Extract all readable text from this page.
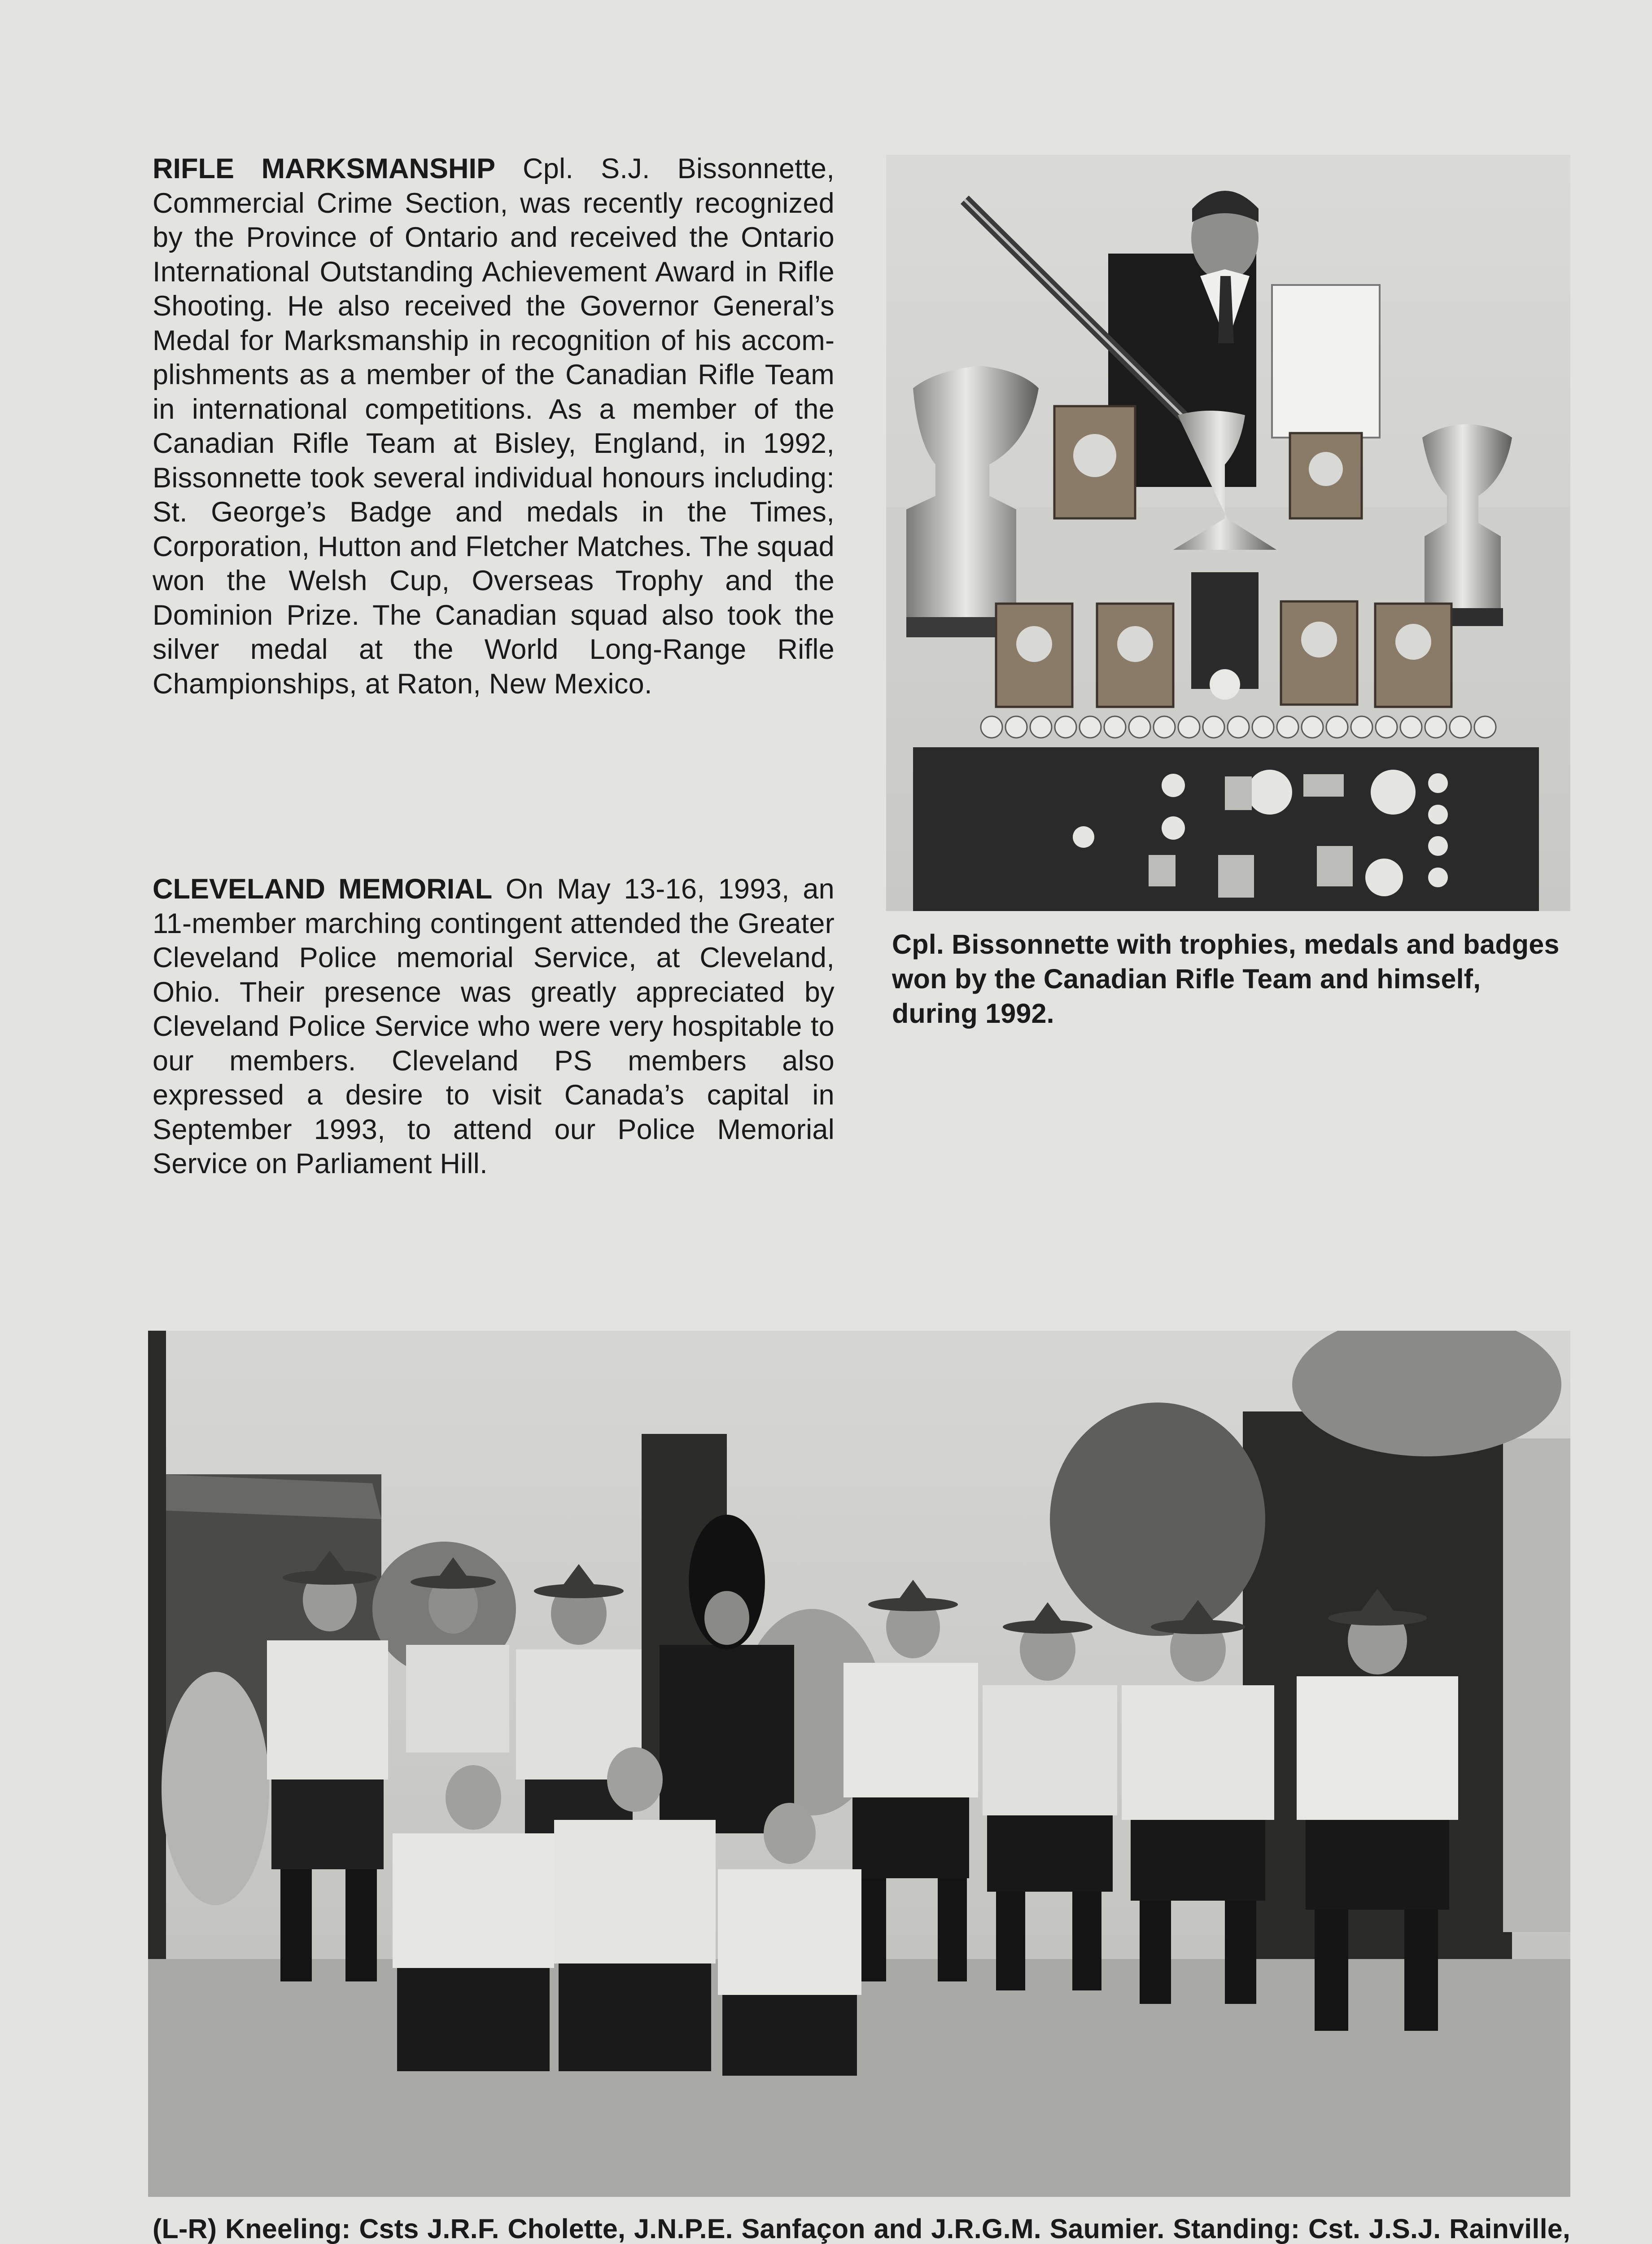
RIFLE MARKSMANSHIP Cpl. S.J. Bissonnette, Commercial Crime Section, was recently recognized by the Province of Ontario and received the Ontario International Outstanding Achievement Award in Rifle Shooting. He also received the Governor General’s Medal for Marksmanship in recognition of his accomplishments as a member of the Canadian Rifle Team in international competitions. As a member of the Canadian Rifle Team at Bisley, England, in 1992, Bissonnette took several individual honours including: St. George’s Badge and medals in the Times, Corporation, Hutton and Fletcher Matches. The squad won the Welsh Cup, Overseas Trophy and the Dominion Prize. The Canadian squad also took the silver medal at the World Long-Range Rifle Championships, at Raton, New Mexico.
CLEVELAND MEMORIAL On May 13-16, 1993, an 11-member marching contingent attended the Greater Cleveland Police memorial Service, at Cleveland, Ohio. Their presence was greatly appreciated by Cleveland Police Service who were very hospitable to our members. Cleveland PS members also expressed a desire to visit Canada’s capital in September 1993, to attend our Police Memorial Service on Parliament Hill.
Cpl. Bissonnette with trophies, medals and badges won by the Canadian Rifle Team and himself, during 1992.
(L-R) Kneeling: Csts J.R.F. Cholette, J.N.P.E. Sanfaçon and J.R.G.M. Saumier. Standing: Cst. J.S.J. Rainville,
